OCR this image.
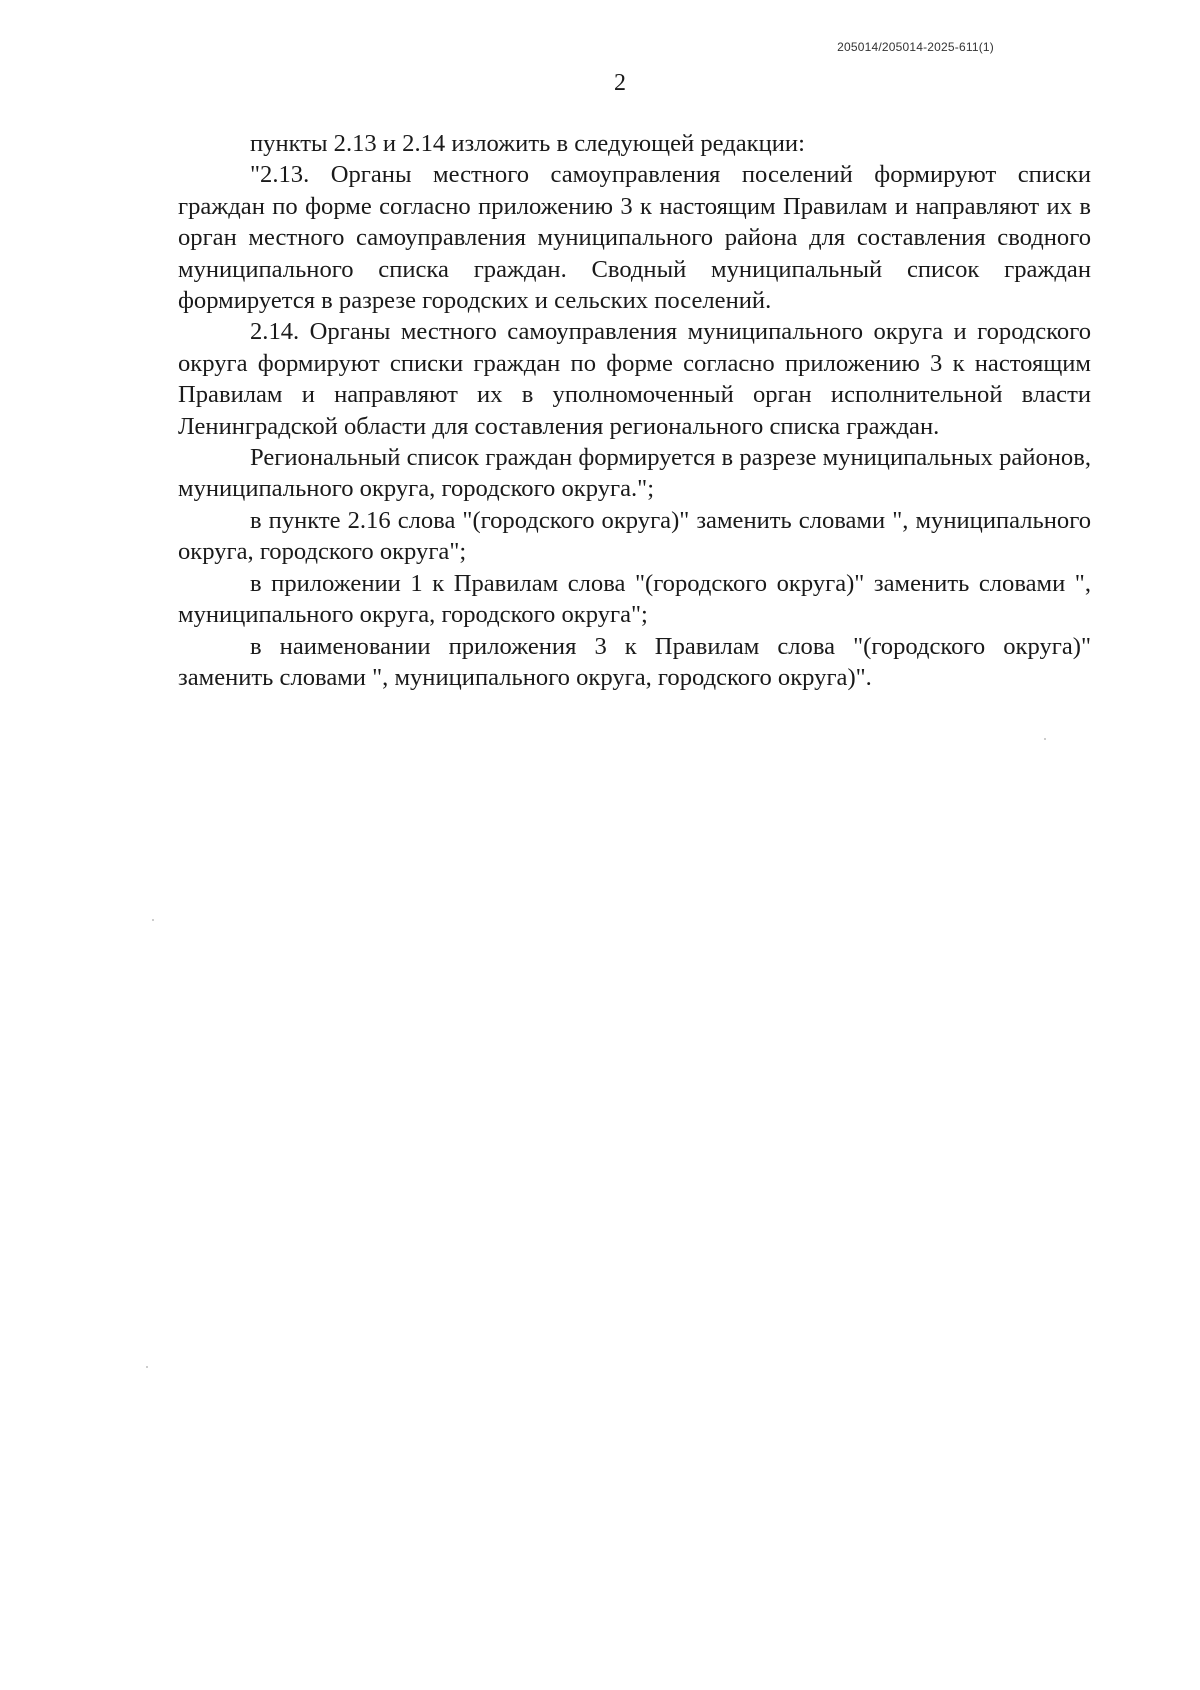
205014/205014-2025-611(1)
2

пункты 2.13 и 2.14 изложить в следующей редакции:

"2.13. Органы местного самоуправления поселений формируют списки граждан по форме согласно приложению 3 к настоящим Правилам и направляют их в орган местного самоуправления муниципального района для составления сводного муниципального списка граждан. Сводный муниципальный список граждан формируется в разрезе городских и сельских поселений.

2.14. Органы местного самоуправления муниципального округа и городского округа формируют списки граждан по форме согласно приложению 3 к настоящим Правилам и направляют их в уполномоченный орган исполнительной власти Ленинградской области для составления регионального списка граждан.

Региональный список граждан формируется в разрезе муниципальных районов, муниципального округа, городского округа.";

в пункте 2.16 слова "(городского округа)" заменить словами ", муниципального округа, городского округа";

в приложении 1 к Правилам слова "(городского округа)" заменить словами ", муниципального округа, городского округа";

в наименовании приложения 3 к Правилам слова "(городского округа)" заменить словами ", муниципального округа, городского округа)".
